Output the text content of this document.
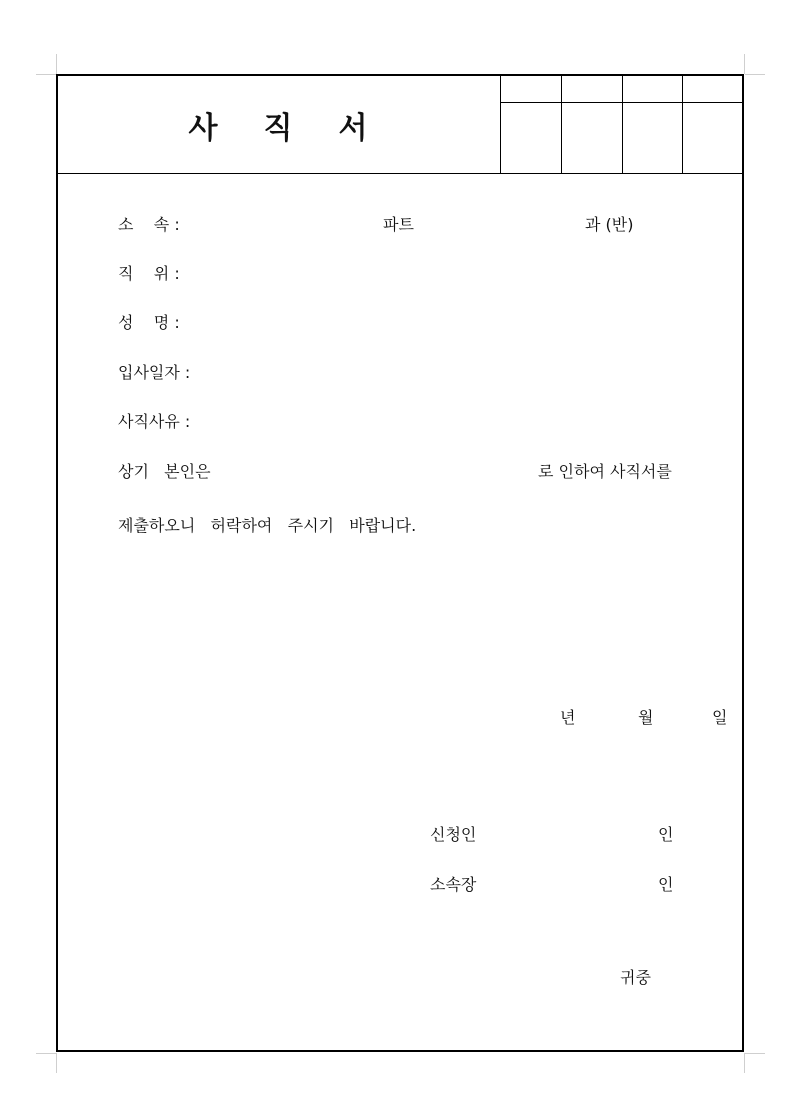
사 직 서
소    속 :	파트	과 (반)
직    위 :
성    명 :
입사일자 :
사직사유 :
상기   본인은	로 인하여 사직서를
제출하오니   허락하여   주시기   바랍니다.
년	월	일
신청인	인
소속장	인
귀중
